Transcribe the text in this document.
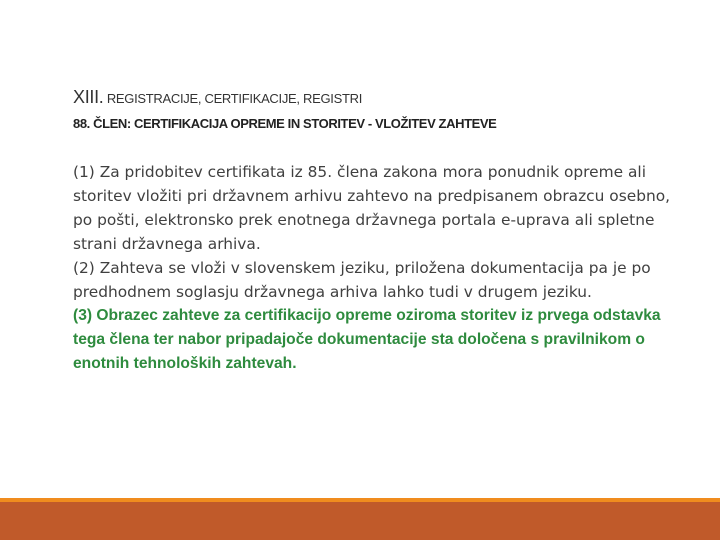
XIII. REGISTRACIJE, CERTIFIKACIJE, REGISTRI
88. ČLEN: CERTIFIKACIJA OPREME IN STORITEV - VLOŽITEV ZAHTEVE

(1) Za pridobitev certifikata iz 85. člena zakona mora ponudnik opreme ali storitev vložiti pri državnem arhivu zahtevo na predpisanem obrazcu osebno, po pošti, elektronsko prek enotnega državnega portala e-uprava ali spletne strani državnega arhiva.

(2) Zahteva se vloži v slovenskem jeziku, priložena dokumentacija pa je po predhodnem soglasju državnega arhiva lahko tudi v drugem jeziku.

(3) Obrazec zahteve za certifikacijo opreme oziroma storitev iz prvega odstavka tega člena ter nabor pripadajoče dokumentacije sta določena s pravilnikom o enotnih tehnoloških zahtevah.
